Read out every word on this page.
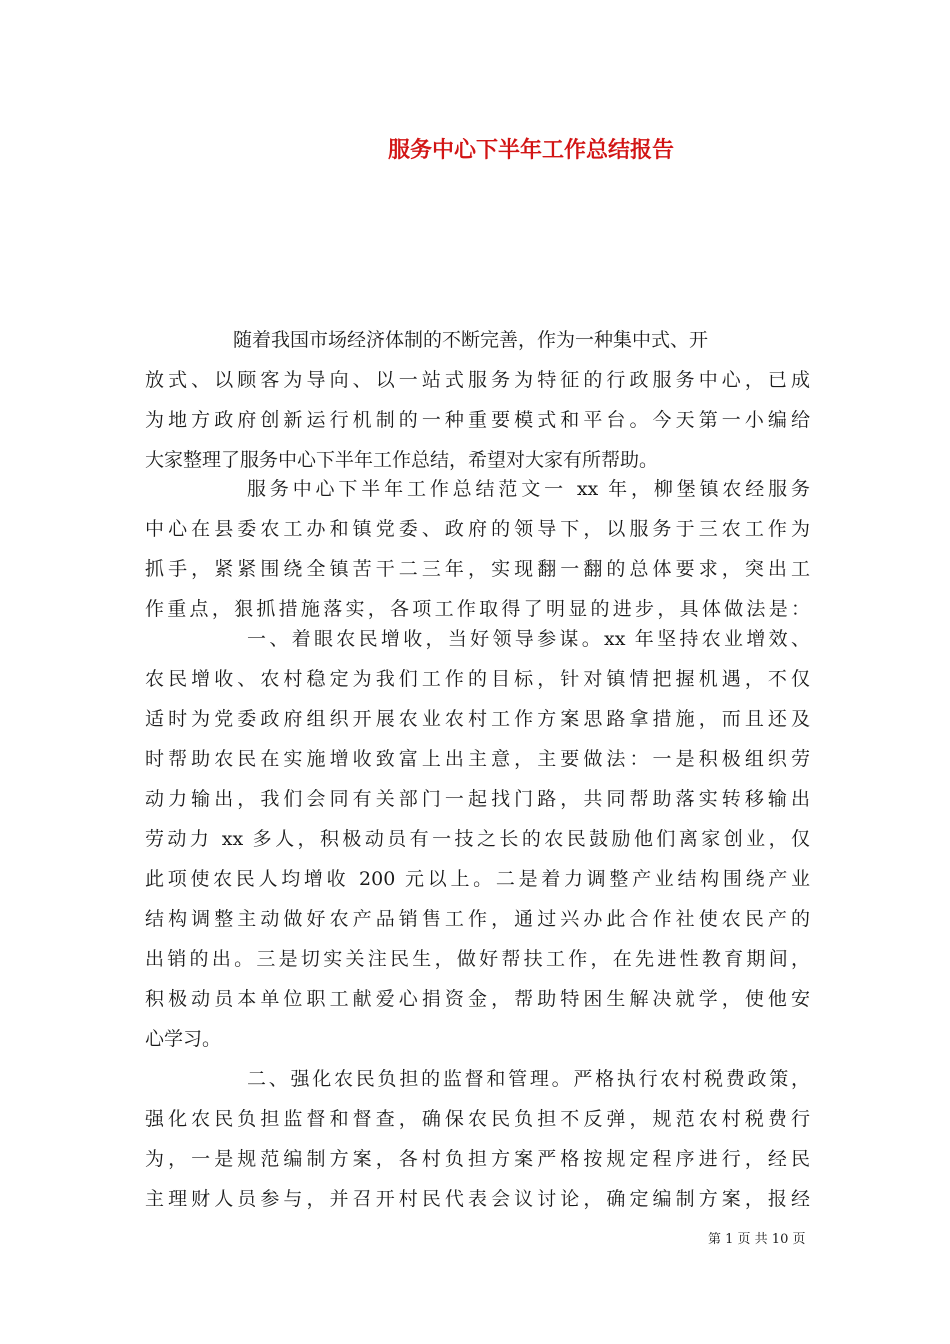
服务中心下半年工作总结报告
随着我国市场经济体制的不断完善，作为一种集中式、开
放式、以顾客为导向、以一站式服务为特征的行政服务中心，已成
为地方政府创新运行机制的一种重要模式和平台。今天第一小编给
大家整理了服务中心下半年工作总结，希望对大家有所帮助。
服务中心下半年工作总结范文一 xx 年，柳堡镇农经服务
中心在县委农工办和镇党委、政府的领导下，以服务于三农工作为
抓手，紧紧围绕全镇苦干二三年，实现翻一翻的总体要求，突出工
作重点，狠抓措施落实，各项工作取得了明显的进步，具体做法是：
一、着眼农民增收，当好领导参谋。xx 年坚持农业增效、
农民增收、农村稳定为我们工作的目标，针对镇情把握机遇，不仅
适时为党委政府组织开展农业农村工作方案思路拿措施，而且还及
时帮助农民在实施增收致富上出主意，主要做法：一是积极组织劳
动力输出，我们会同有关部门一起找门路，共同帮助落实转移输出
劳动力 xx 多人，积极动员有一技之长的农民鼓励他们离家创业，仅
此项使农民人均增收 200 元以上。二是着力调整产业结构围绕产业
结构调整主动做好农产品销售工作，通过兴办此合作社使农民产的
出销的出。三是切实关注民生，做好帮扶工作，在先进性教育期间，
积极动员本单位职工献爱心捐资金，帮助特困生解决就学，使他安
心学习。
二、强化农民负担的监督和管理。严格执行农村税费政策，
强化农民负担监督和督查，确保农民负担不反弹，规范农村税费行
为，一是规范编制方案，各村负担方案严格按规定程序进行，经民
主理财人员参与，并召开村民代表会议讨论，确定编制方案，报经
第 1 页 共 10 页
